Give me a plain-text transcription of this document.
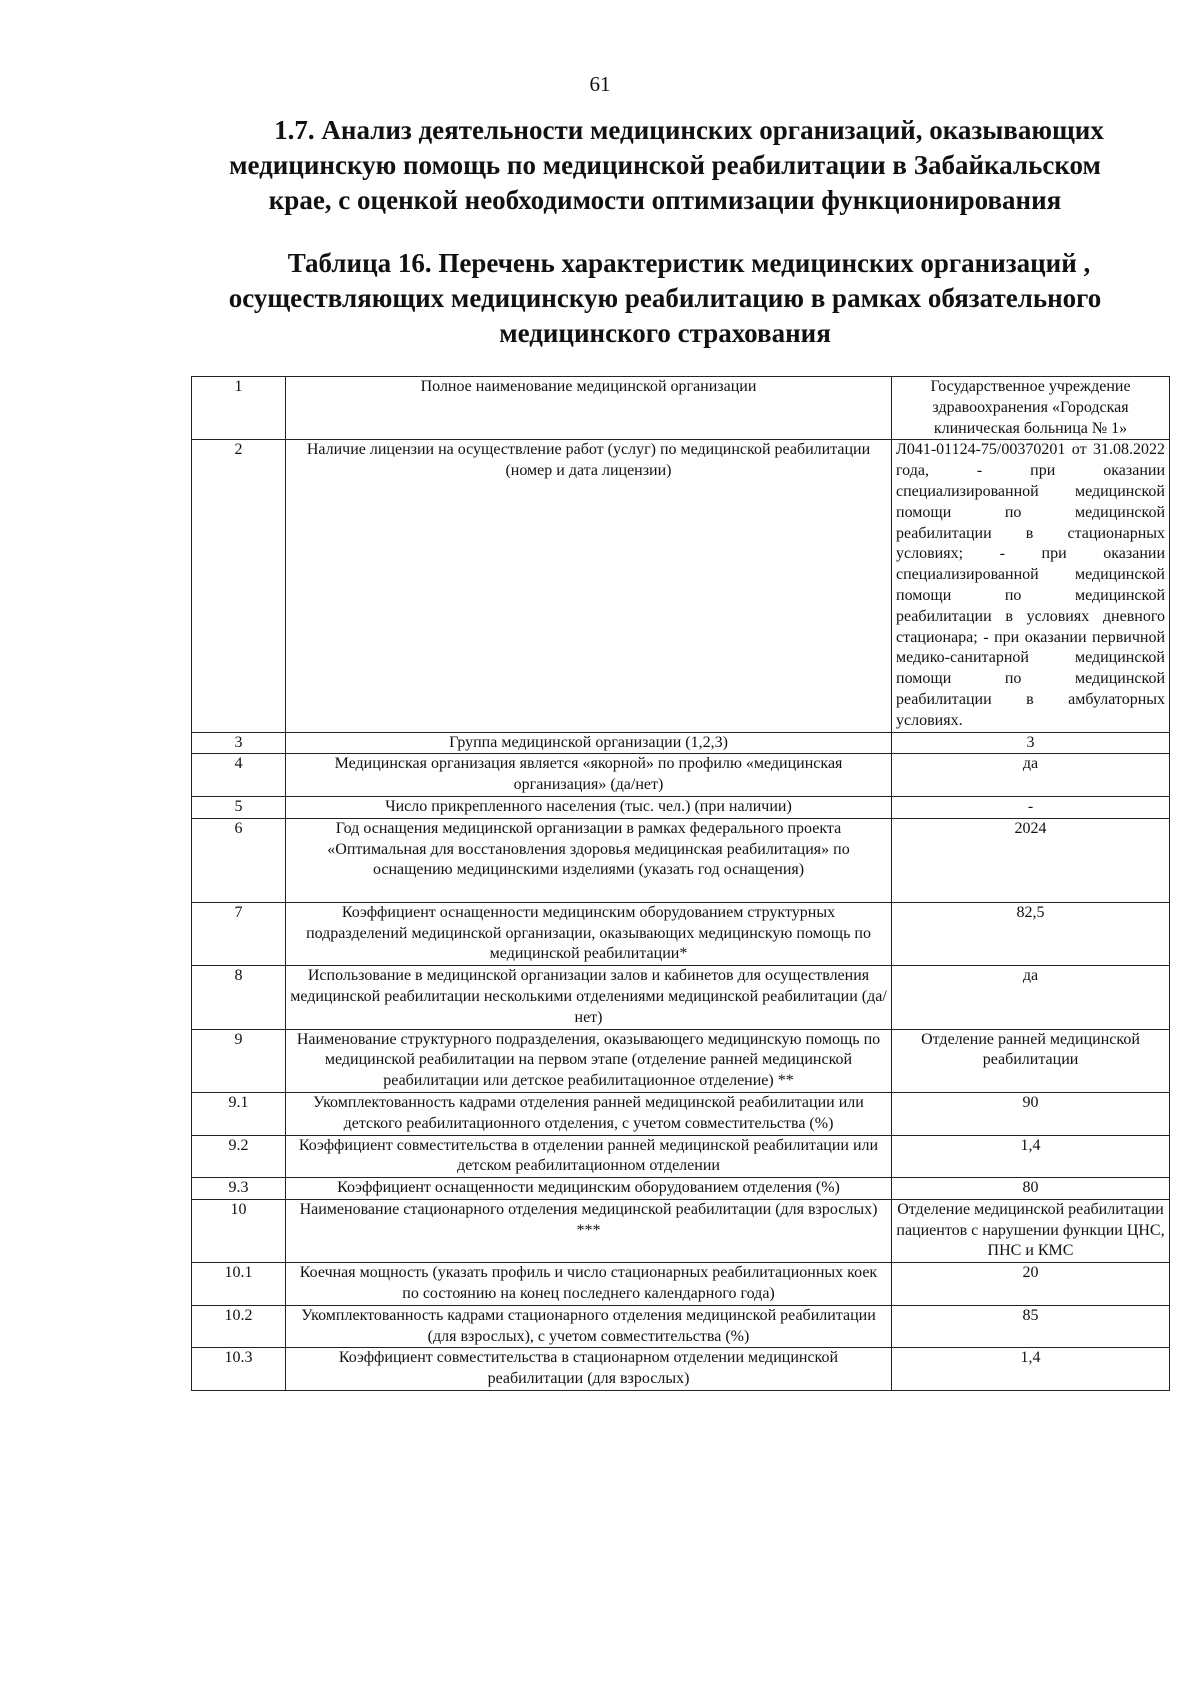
61
1.7. Анализ деятельности медицинских организаций, оказывающих медицинскую помощь по медицинской реабилитации в Забайкальском крае, с оценкой необходимости оптимизации функционирования
Таблица 16. Перечень характеристик медицинских организаций , осуществляющих медицинскую реабилитацию в рамках обязательного медицинского страхования
1	Полное наименование медицинской организации	Государственное учреждение здравоохранения «Городская клиническая больница № 1»
2	Наличие лицензии на осуществление работ (услуг) по медицинской реабилитации (номер и дата лицензии)	Л041-01124-75/00370201 от 31.08.2022 года, - при оказании специализированной медицинской помощи по медицинской реабилитации в стационарных условиях; - при оказании специализированной медицинской помощи по медицинской реабилитации в условиях дневного стационара; - при оказании первичной медико-санитарной медицинской помощи по медицинской реабилитации в амбулаторных условиях.
3	Группа медицинской организации (1,2,3)	3
4	Медицинская организация является «якорной» по профилю «медицинская организация» (да/нет)	да
5	Число прикрепленного населения (тыс. чел.) (при наличии)	-
6	Год оснащения медицинской организации в рамках федерального проекта «Оптимальная для восстановления здоровья медицинская реабилитация» по оснащению медицинскими изделиями (указать год оснащения)	2024
7	Коэффициент оснащенности медицинским оборудованием структурных подразделений медицинской организации, оказывающих медицинскую помощь по медицинской реабилитации*	82,5
8	Использование в медицинской организации залов и кабинетов для осуществления медицинской реабилитации несколькими отделениями медицинской реабилитации (да/нет)	да
9	Наименование структурного подразделения, оказывающего медицинскую помощь по медицинской реабилитации на первом этапе (отделение ранней медицинской реабилитации или детское реабилитационное отделение) **	Отделение ранней медицинской реабилитации
9.1	Укомплектованность кадрами отделения ранней медицинской реабилитации или детского реабилитационного отделения, с учетом совместительства (%)	90
9.2	Коэффициент совместительства в отделении ранней медицинской реабилитации или детском реабилитационном отделении	1,4
9.3	Коэффициент оснащенности медицинским оборудованием отделения (%)	80
10	Наименование стационарного отделения медицинской реабилитации (для взрослых) ***	Отделение медицинской реабилитации пациентов с нарушении функции ЦНС, ПНС и КМС
10.1	Коечная мощность (указать профиль и число стационарных реабилитационных коек по состоянию на конец последнего календарного года)	20
10.2	Укомплектованность кадрами стационарного отделения медицинской реабилитации (для взрослых), с учетом совместительства (%)	85
10.3	Коэффициент совместительства в стационарном отделении медицинской реабилитации (для взрослых)	1,4
